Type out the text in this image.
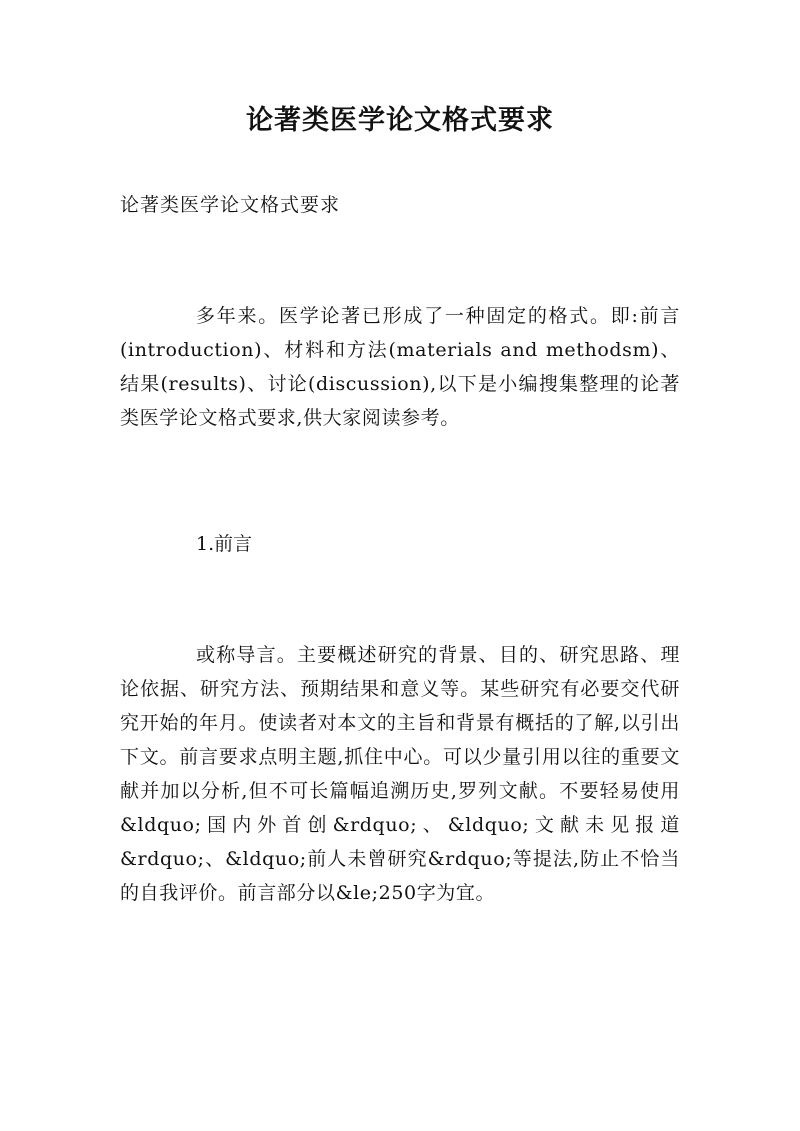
论著类医学论文格式要求

论著类医学论文格式要求

多年来。医学论著已形成了一种固定的格式。即:前言(introduction)、材料和方法(materials and methodsm)、结果(results)、讨论(discussion),以下是小编搜集整理的论著类医学论文格式要求,供大家阅读参考。

1.前言

或称导言。主要概述研究的背景、目的、研究思路、理论依据、研究方法、预期结果和意义等。某些研究有必要交代研究开始的年月。使读者对本文的主旨和背景有概括的了解,以引出下文。前言要求点明主题,抓住中心。可以少量引用以往的重要文献并加以分析,但不可长篇幅追溯历史,罗列文献。不要轻易使用&ldquo;国内外首创&rdquo;、&ldquo;文献未见报道&rdquo;、&ldquo;前人未曾研究&rdquo;等提法,防止不恰当的自我评价。前言部分以&le;250字为宜。
